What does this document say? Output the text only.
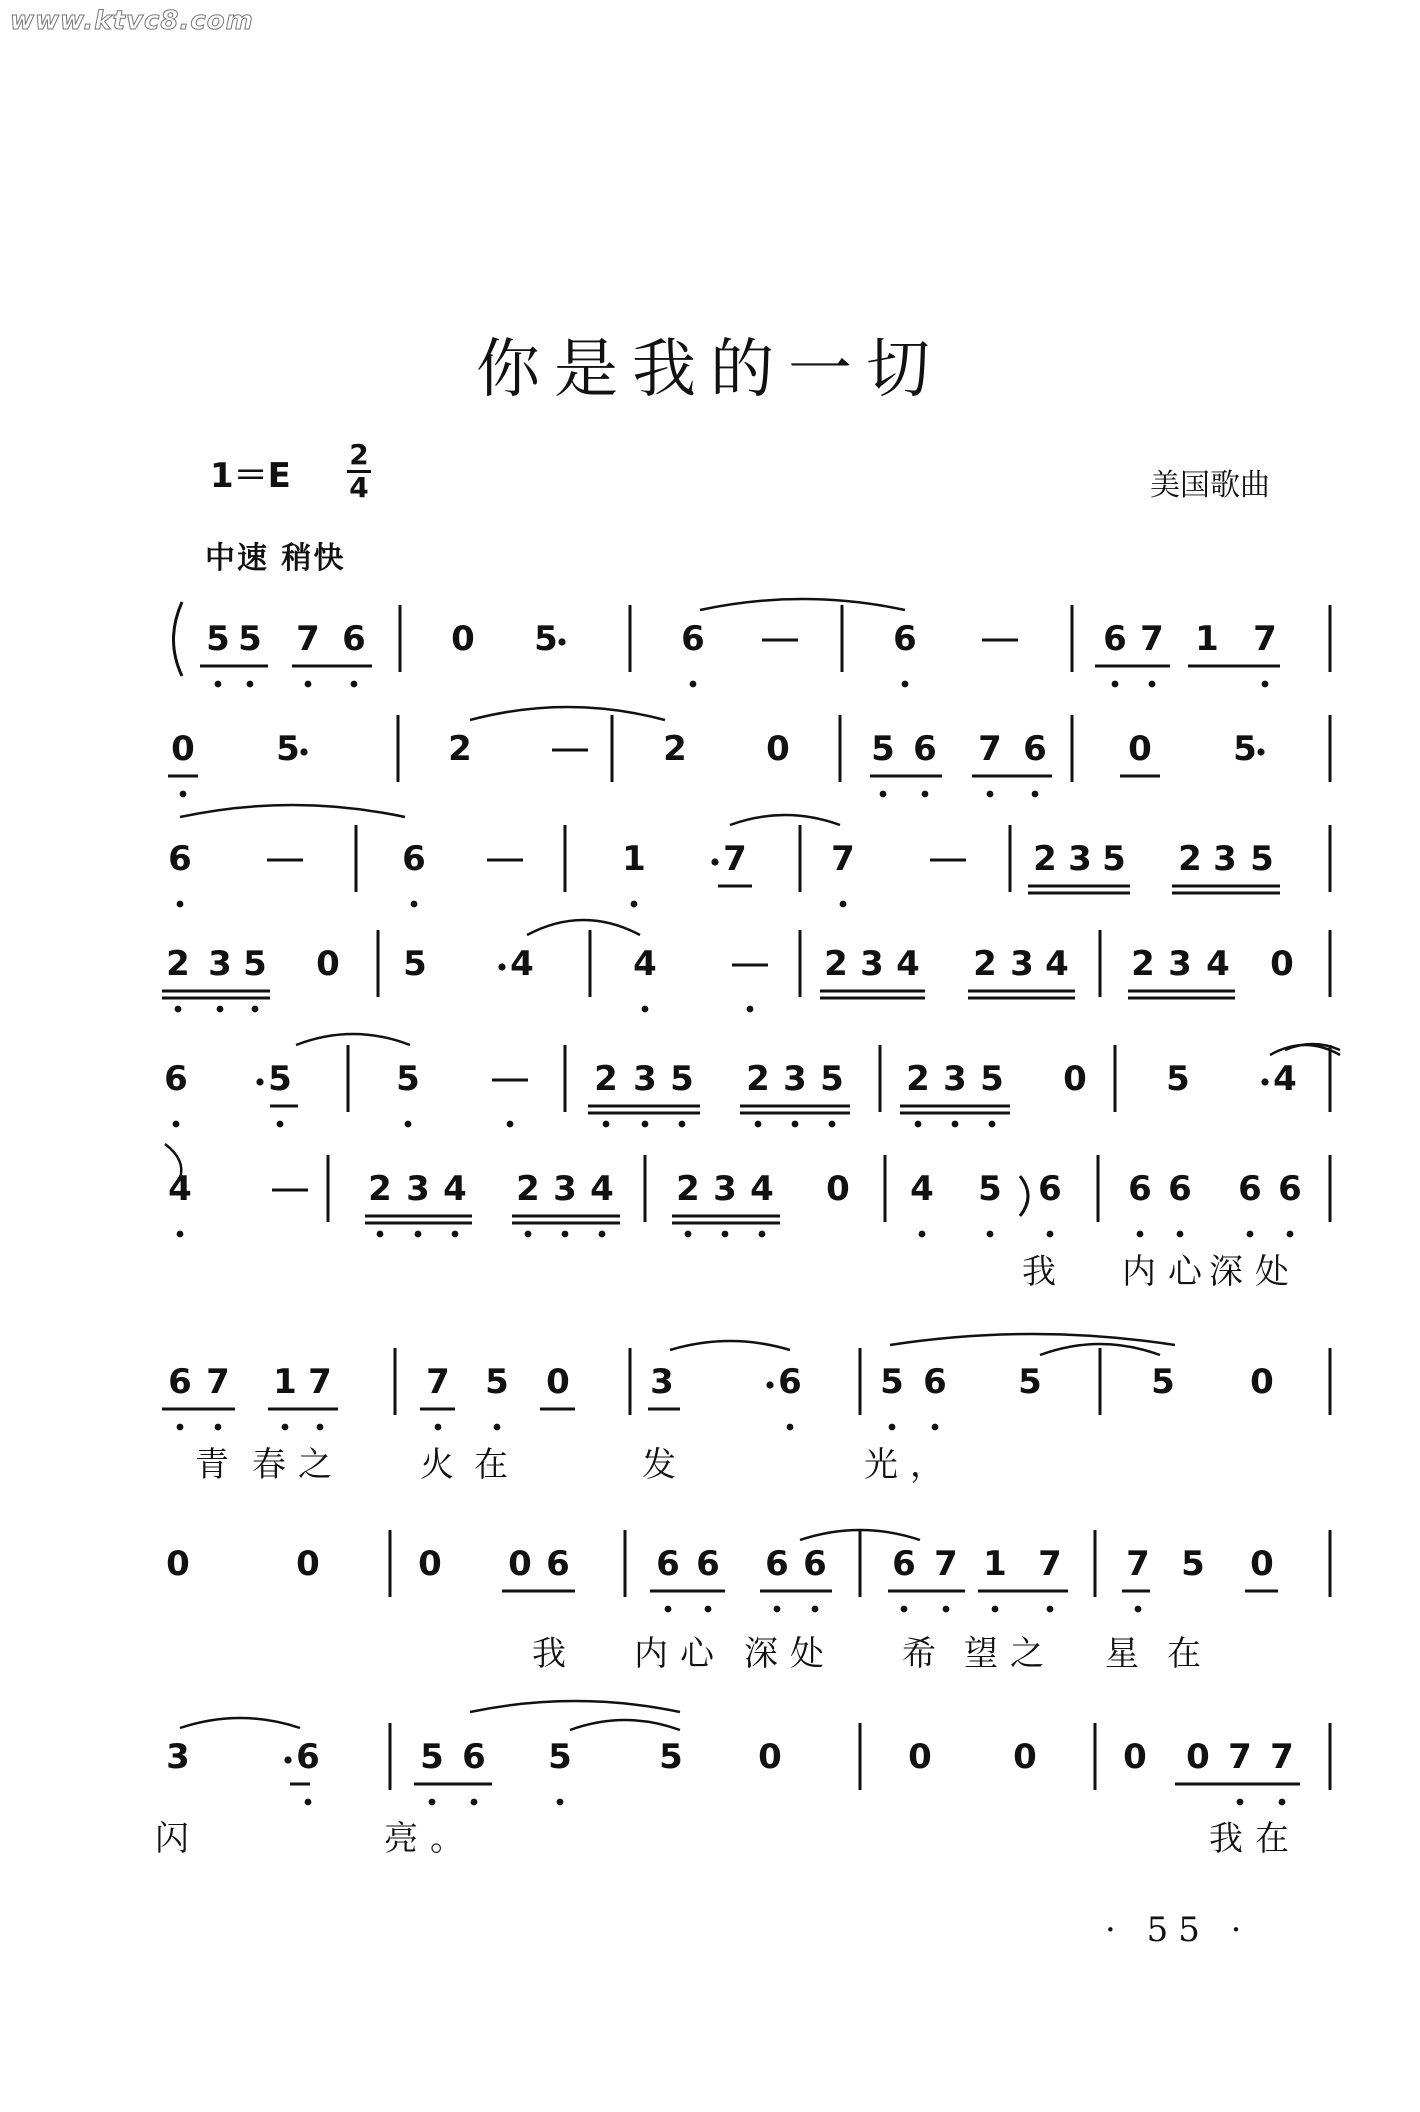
www.ktvc8.com
你是我的一切
$1=E \frac{2}{4}$	美国歌曲
中速 稍快
5 5 7 6	0 5	6	6	6 7 1 7
0 5	2	2 0 5 6 7 6 0 5
6	6	1 7 7	2 3 5 2 3 5
2 3 5 0 5 4	4	2 3 4 2 3 4 2 3 4 0
6 5	5	2 3 5 2 3 5 2 3 5 0 5 4
4	2 3 4 2 3 4 2 3 4 0 4 5 6 6 6 6 6
6 7 1 7	7 5 0 3	6 5 6 5	5 0
0	0	0 0 6	6 6 6 6 6 7 1 7 7 5 0
3	6	5 6 5	5 0	0 0	0 0 7 7
我 内心
深处
青 春之 火 在	发	光，
我 内心 深处 希 望之 星 在
闪	亮。	我在
· 55 ·
